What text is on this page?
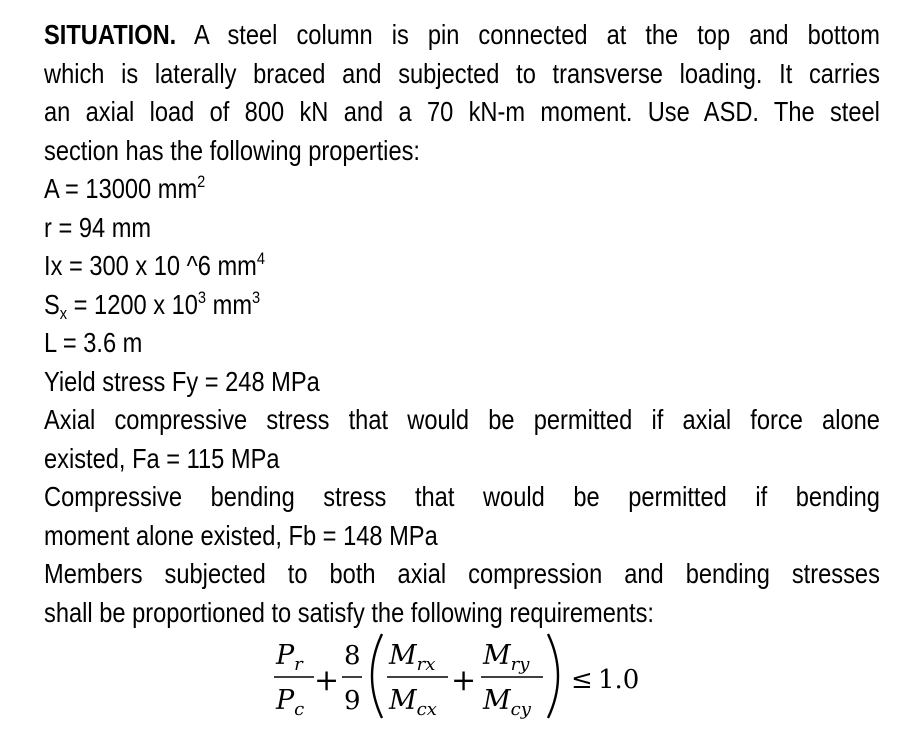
SITUATION. A steel column is pin connected at the top and bottom
which is laterally braced and subjected to transverse loading. It carries
an axial load of 800 kN and a 70 kN-m moment. Use ASD. The steel
section has the following properties:
A = 13000 $mm^2$
r = 94 mm
Ix = 300 x 10 ^6 $mm^4$
$S_x = 1200$ x $10^3$ $mm^3$
L = 3.6 m
Yield stress Fy = 248 MPa
Axial compressive stress that would be permitted if axial force alone
existed, Fa = 115 MPa
Compressive bending stress that would be permitted if bending
moment alone existed, Fb = 148 MPa
Members subjected to both axial compression and bending stresses
shall be proportioned to satisfy the following requirements:
$P_r$
$P_c$
+
8
9
$M_{rx}$
$M_{cx}$
+
$M_{ry}$
$M_{cy}$
≤ 1.0
